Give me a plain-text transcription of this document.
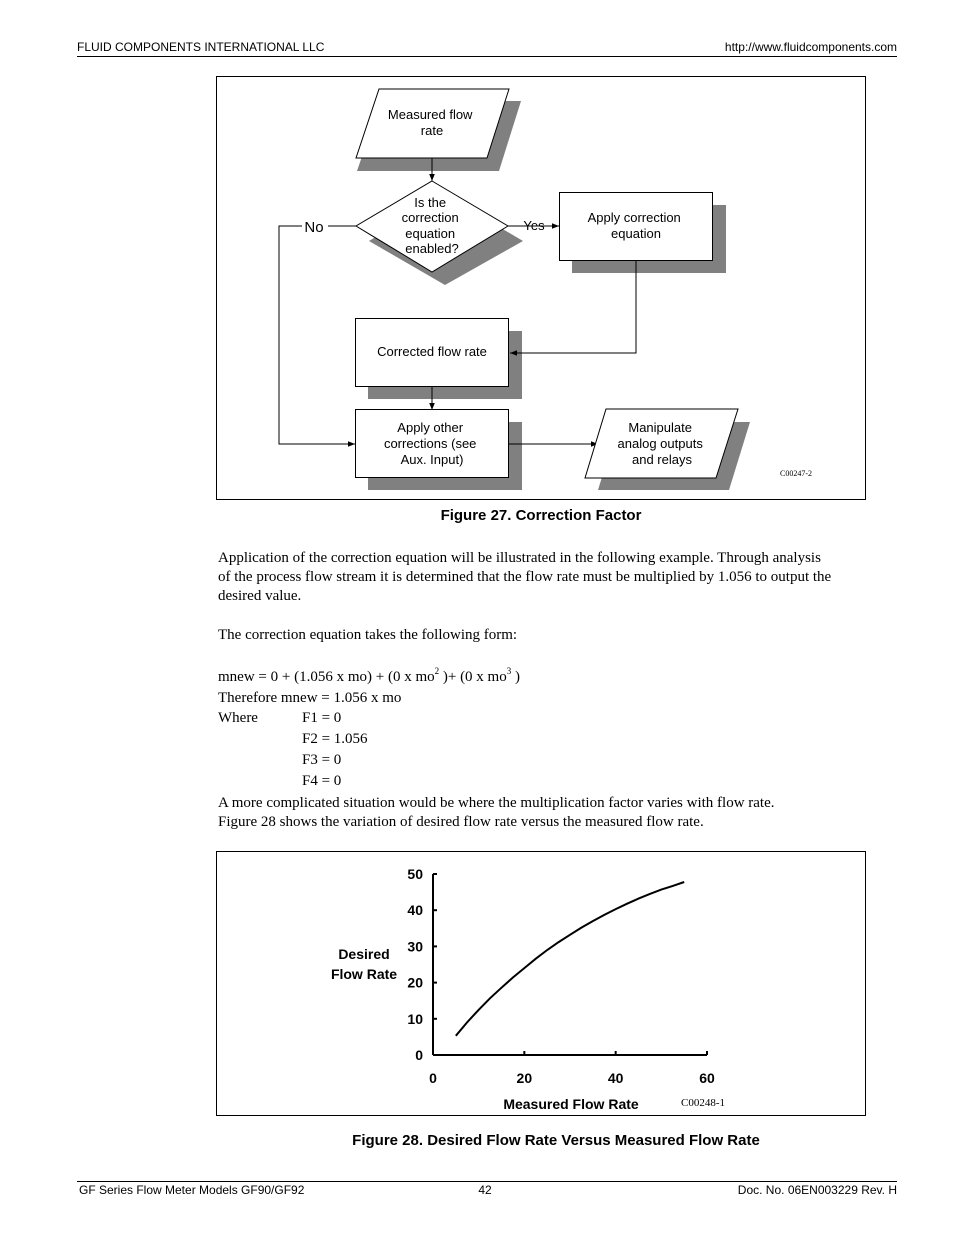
FLUID COMPONENTS INTERNATIONAL LLC	http://www.fluidcomponents.com
Measured flow rate
Is the correction equation enabled?
Apply correction equation
Corrected flow rate
Apply other corrections (see Aux. Input)
Manipulate analog outputs and relays
No	Yes
C00247-2
Figure 27. Correction Factor
Application of the correction equation will be illustrated in the following example. Through analysis
of the process flow stream it is determined that the flow rate must be multiplied by 1.056 to output the
desired value.
The correction equation takes the following form:
mnew = 0 + (1.056 x mo) + (0 x $mo^2$ )+ (0 x $mo^3$ )
Therefore mnew = 1.056 x mo
Where	F1 = 0
F2 = 1.056
F3 = 0
F4 = 0
A more complicated situation would be where the multiplication factor varies with flow rate.
Figure 28 shows the variation of desired flow rate versus the measured flow rate.
0
10
20
30
40
50
0	20	40	60
Desired
Flow Rate
Measured Flow Rate	C00248-1
Figure 28. Desired Flow Rate Versus Measured Flow Rate
GF Series Flow Meter Models GF90/GF92	42	Doc. No. 06EN003229 Rev. H
